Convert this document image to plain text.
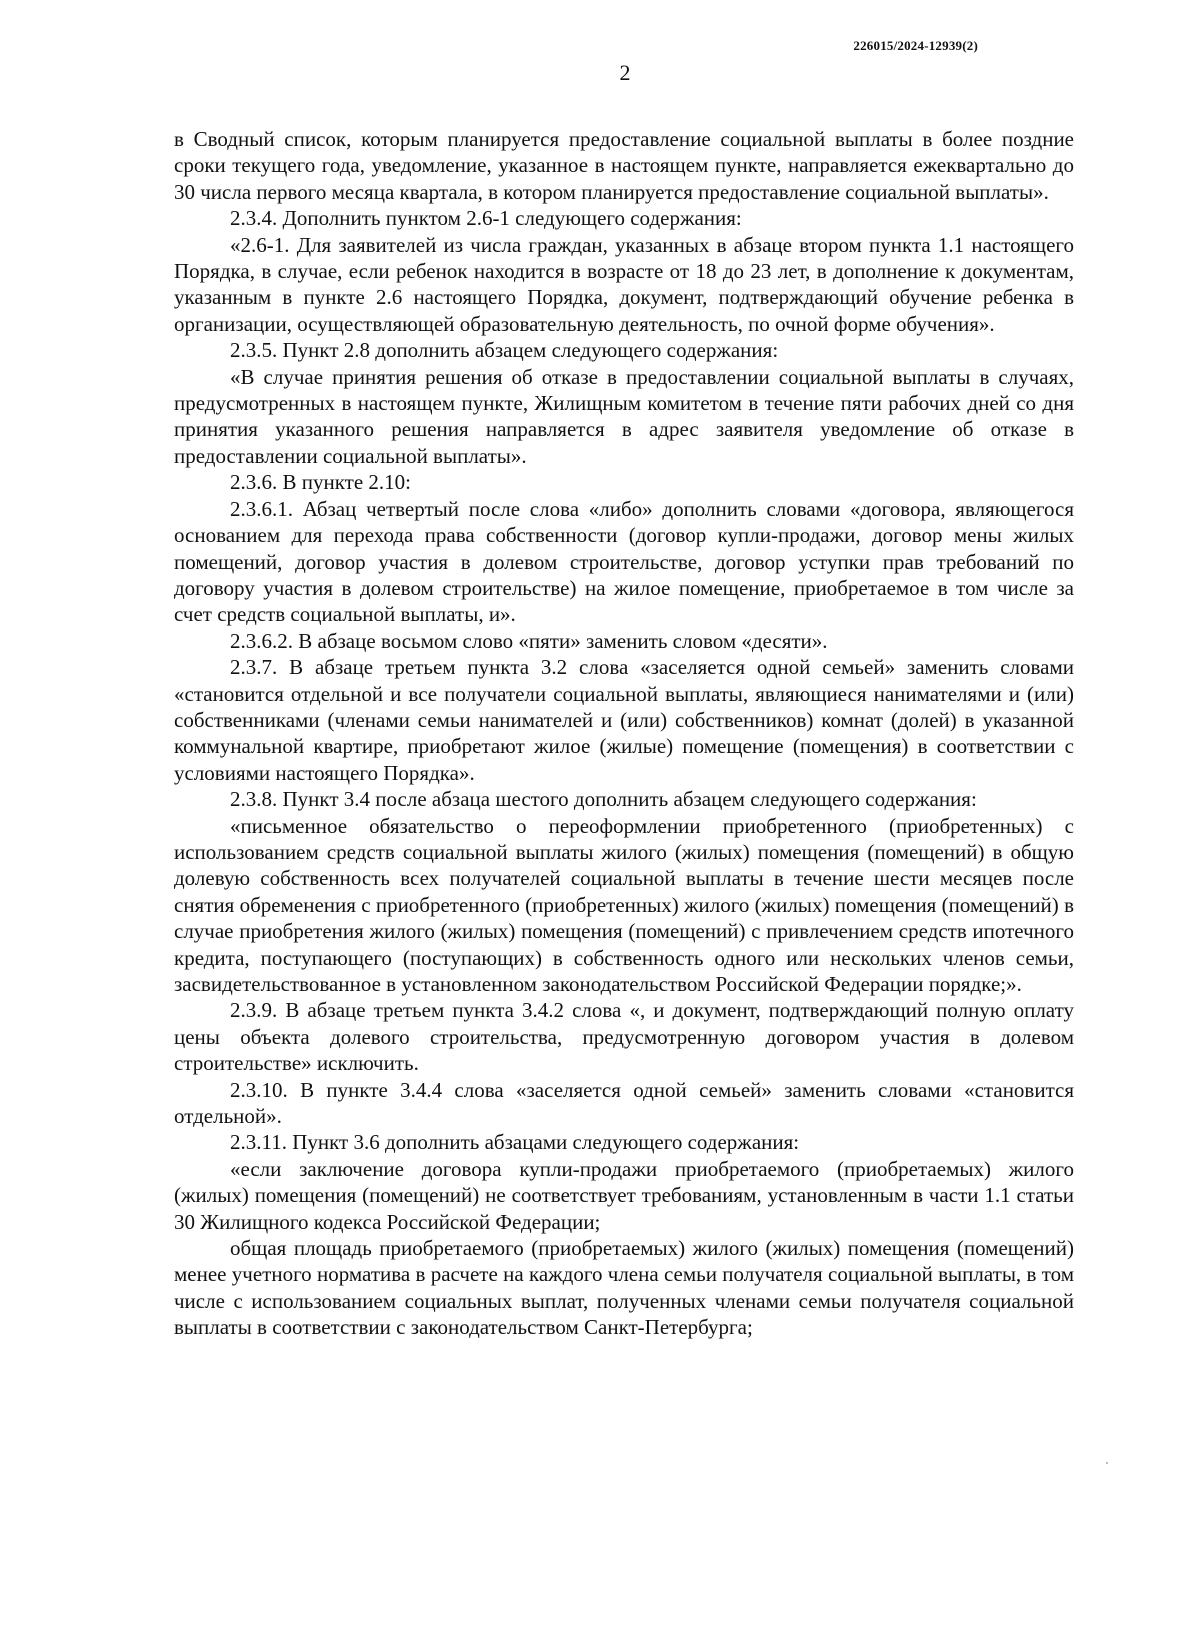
226015/2024-12939(2)
2

в Сводный список, которым планируется предоставление социальной выплаты в более поздние сроки текущего года, уведомление, указанное в настоящем пункте, направляется ежеквартально до 30 числа первого месяца квартала, в котором планируется предоставление социальной выплаты».

2.3.4. Дополнить пунктом 2.6-1 следующего содержания:

«2.6-1. Для заявителей из числа граждан, указанных в абзаце втором пункта 1.1 настоящего Порядка, в случае, если ребенок находится в возрасте от 18 до 23 лет, в дополнение к документам, указанным в пункте 2.6 настоящего Порядка, документ, подтверждающий обучение ребенка в организации, осуществляющей образовательную деятельность, по очной форме обучения».

2.3.5. Пункт 2.8 дополнить абзацем следующего содержания:

«В случае принятия решения об отказе в предоставлении социальной выплаты в случаях, предусмотренных в настоящем пункте, Жилищным комитетом в течение пяти рабочих дней со дня принятия указанного решения направляется в адрес заявителя уведомление об отказе в предоставлении социальной выплаты».

2.3.6. В пункте 2.10:

2.3.6.1. Абзац четвертый после слова «либо» дополнить словами «договора, являющегося основанием для перехода права собственности (договор купли-продажи, договор мены жилых помещений, договор участия в долевом строительстве, договор уступки прав требований по договору участия в долевом строительстве) на жилое помещение, приобретаемое в том числе за счет средств социальной выплаты, и».

2.3.6.2. В абзаце восьмом слово «пяти» заменить словом «десяти».

2.3.7. В абзаце третьем пункта 3.2 слова «заселяется одной семьей» заменить словами «становится отдельной и все получатели социальной выплаты, являющиеся нанимателями и (или) собственниками (членами семьи нанимателей и (или) собственников) комнат (долей) в указанной коммунальной квартире, приобретают жилое (жилые) помещение (помещения) в соответствии с условиями настоящего Порядка».

2.3.8. Пункт 3.4 после абзаца шестого дополнить абзацем следующего содержания:

«письменное обязательство о переоформлении приобретенного (приобретенных) с использованием средств социальной выплаты жилого (жилых) помещения (помещений) в общую долевую собственность всех получателей социальной выплаты в течение шести месяцев после снятия обременения с приобретенного (приобретенных) жилого (жилых) помещения (помещений) в случае приобретения жилого (жилых) помещения (помещений) с привлечением средств ипотечного кредита, поступающего (поступающих) в собственность одного или нескольких членов семьи, засвидетельствованное в установленном законодательством Российской Федерации порядке;».

2.3.9. В абзаце третьем пункта 3.4.2 слова «, и документ, подтверждающий полную оплату цены объекта долевого строительства, предусмотренную договором участия в долевом строительстве» исключить.

2.3.10. В пункте 3.4.4 слова «заселяется одной семьей» заменить словами «становится отдельной».

2.3.11. Пункт 3.6 дополнить абзацами следующего содержания:

«если заключение договора купли-продажи приобретаемого (приобретаемых) жилого (жилых) помещения (помещений) не соответствует требованиям, установленным в части 1.1 статьи 30 Жилищного кодекса Российской Федерации;

общая площадь приобретаемого (приобретаемых) жилого (жилых) помещения (помещений) менее учетного норматива в расчете на каждого члена семьи получателя социальной выплаты, в том числе с использованием социальных выплат, полученных членами семьи получателя социальной выплаты в соответствии с законодательством Санкт-Петербурга;
